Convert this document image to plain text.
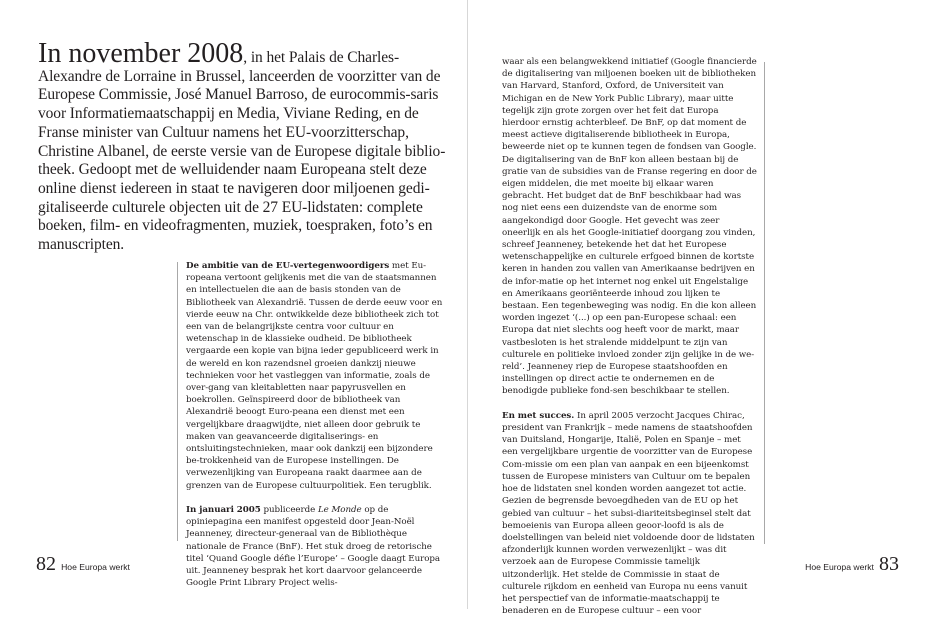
In november 2008, in het Palais de Charles-Alexandre de Lorraine in Brussel, lanceerden de voorzitter van de Europese Commissie, José Manuel Barroso, de eurocommis-saris voor Informatiemaatschappij en Media, Viviane Reding, en de Franse minister van Cultuur namens het EU-voorzitterschap, Christine Albanel, de eerste versie van de Europese digitale biblio-theek. Gedoopt met de welluidender naam Europeana stelt deze online dienst iedereen in staat te navigeren door miljoenen gedi-gitaliseerde culturele objecten uit de 27 EU-lidstaten: complete boeken, film- en videofragmenten, muziek, toespraken, foto’s en manuscripten.

De ambitie van de EU-vertegenwoordigers met Eu-ropeana vertoont gelijkenis met die van de staatsmannen en intellectuelen die aan de basis stonden van de Bibliotheek van Alexandrië. Tussen de derde eeuw voor en vierde eeuw na Chr. ontwikkelde deze bibliotheek zich tot een van de belangrijkste centra voor cultuur en wetenschap in de klassieke oudheid. De bibliotheek vergaarde een kopie van bijna ieder gepubliceerd werk in de wereld en kon razendsnel groeien dankzij nieuwe technieken voor het vastleggen van informatie, zoals de over-gang van kleitabletten naar papyrusvellen en boekrollen. Geïnspireerd door de bibliotheek van Alexandrië beoogt Euro-peana een dienst met een vergelijkbare draagwijdte, niet alleen door gebruik te maken van geavanceerde digitaliserings- en ontsluitingstechnieken, maar ook dankzij een bijzondere be-trokkenheid van de Europese instellingen. De verwezenlijking van Europeana raakt daarmee aan de grenzen van de Europese cultuurpolitiek. Een terugblik.

In januari 2005 publiceerde Le Monde op de opiniepagina een manifest opgesteld door Jean-Noël Jeanneney, directeur-generaal van de Bibliothèque nationale de France (BnF). Het stuk droeg de retorische titel ‘Quand Google défie l’Europe’ – Google daagt Europa uit. Jeanneney besprak het kort daarvoor gelanceerde Google Print Library Project welis-

waar als een belangwekkend initiatief (Google financierde de digitalisering van miljoenen boeken uit de bibliotheken van Harvard, Stanford, Oxford, de Universiteit van Michigan en de New York Public Library), maar uitte tegelijk zijn grote zorgen over het feit dat Europa hierdoor ernstig achterbleef. De BnF, op dat moment de meest actieve digitaliserende bibliotheek in Europa, beweerde niet op te kunnen tegen de fondsen van Google. De digitalisering van de BnF kon alleen bestaan bij de gratie van de subsidies van de Franse regering en door de eigen middelen, die met moeite bij elkaar waren gebracht. Het budget dat de BnF beschikbaar had was nog niet eens een duizendste van de enorme som aangekondigd door Google. Het gevecht was zeer oneerlijk en als het Google-initiatief doorgang zou vinden, schreef Jeanneney, betekende het dat het Europese wetenschappelijke en culturele erfgoed binnen de kortste keren in handen zou vallen van Amerikaanse bedrijven en de infor-matie op het internet nog enkel uit Engelstalige en Amerikaans georiënteerde inhoud zou lijken te bestaan. Een tegenbeweging was nodig. En die kon alleen worden ingezet ‘(...) op een pan-Europese schaal: een Europa dat niet slechts oog heeft voor de markt, maar vastbesloten is het stralende middelpunt te zijn van culturele en politieke invloed zonder zijn gelijke in de we-reld’. Jeanneney riep de Europese staatshoofden en instellingen op direct actie te ondernemen en de benodigde publieke fond-sen beschikbaar te stellen.

En met succes. In april 2005 verzocht Jacques Chirac, president van Frankrijk – mede namens de staatshoofden van Duitsland, Hongarije, Italië, Polen en Spanje – met een vergelijkbare urgentie de voorzitter van de Europese Com-missie om een plan van aanpak en een bijeenkomst tussen de Europese ministers van Cultuur om te bepalen hoe de lidstaten snel konden worden aangezet tot actie. Gezien de begrensde bevoegdheden van de EU op het gebied van cultuur – het subsi-diariteitsbeginsel stelt dat bemoeienis van Europa alleen geoor-loofd is als de doelstellingen van beleid niet voldoende door de lidstaten afzonderlijk kunnen worden verwezenlijkt – was dit verzoek aan de Europese Commissie tamelijk uitzonderlijk. Het stelde de Commissie in staat de culturele rijkdom en eenheid van Europa nu eens vanuit het perspectief van de informatie-maatschappij te benaderen en de Europese cultuur – een voor

82 Hoe Europa werkt	Hoe Europa werkt 83
